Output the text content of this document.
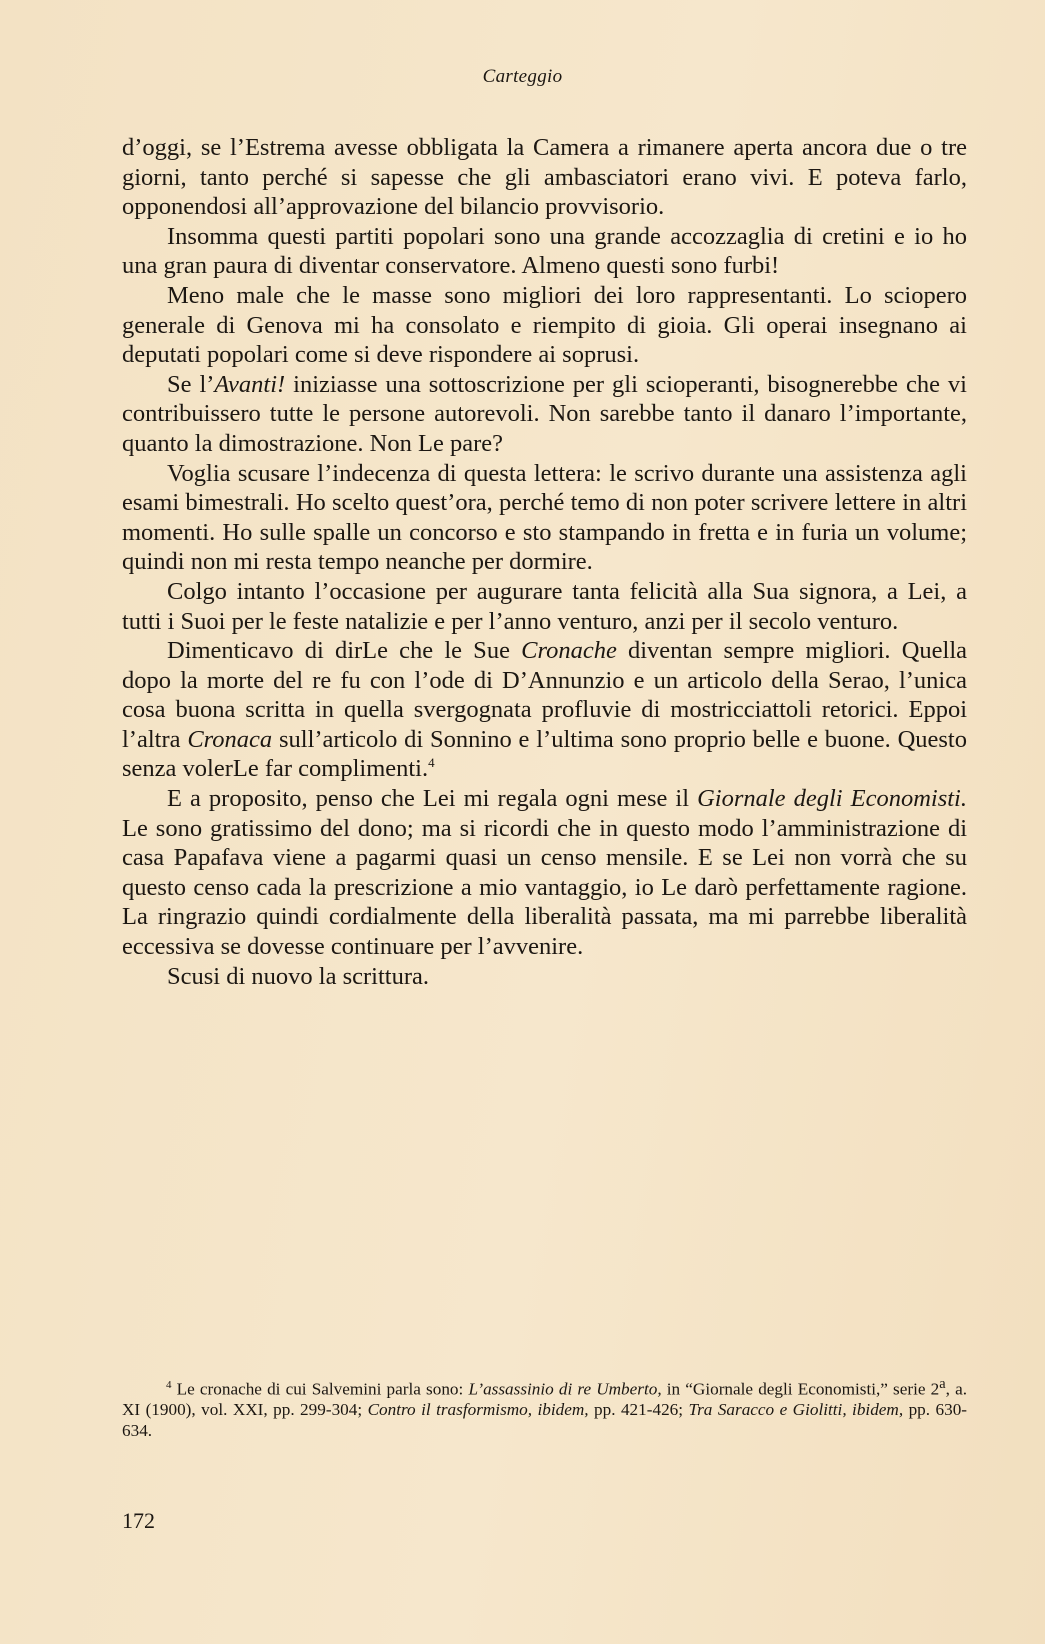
Carteggio

d’oggi, se l’Estrema avesse obbligata la Camera a rimanere aperta ancora due o tre giorni, tanto perché si sapesse che gli ambasciatori erano vivi. E poteva farlo, opponendosi all’approvazione del bilancio provvisorio.

Insomma questi partiti popolari sono una grande accozzaglia di cretini e io ho una gran paura di diventar conservatore. Almeno questi sono furbi!

Meno male che le masse sono migliori dei loro rappresentanti. Lo sciopero generale di Genova mi ha consolato e riempito di gioia. Gli operai insegnano ai deputati popolari come si deve rispondere ai soprusi.

Se l’Avanti! iniziasse una sottoscrizione per gli scioperanti, bisognerebbe che vi contribuissero tutte le persone autorevoli. Non sarebbe tanto il danaro l’importante, quanto la dimostrazione. Non Le pare?

Voglia scusare l’indecenza di questa lettera: le scrivo durante una assistenza agli esami bimestrali. Ho scelto quest’ora, perché temo di non poter scrivere lettere in altri momenti. Ho sulle spalle un concorso e sto stampando in fretta e in furia un volume; quindi non mi resta tempo neanche per dormire.

Colgo intanto l’occasione per augurare tanta felicità alla Sua signora, a Lei, a tutti i Suoi per le feste natalizie e per l’anno venturo, anzi per il secolo venturo.

Dimenticavo di dirLe che le Sue Cronache diventan sempre migliori. Quella dopo la morte del re fu con l’ode di D’Annunzio e un articolo della Serao, l’unica cosa buona scritta in quella svergognata profluvie di mostricciattoli retorici. Eppoi l’altra Cronaca sull’articolo di Sonnino e l’ultima sono proprio belle e buone. Questo senza volerLe far complimenti.$^4$

E a proposito, penso che Lei mi regala ogni mese il Giornale degli Economisti. Le sono gratissimo del dono; ma si ricordi che in questo modo l’amministrazione di casa Papafava viene a pagarmi quasi un censo mensile. E se Lei non vorrà che su questo censo cada la prescrizione a mio vantaggio, io Le darò perfettamente ragione. La ringrazio quindi cordialmente della liberalità passata, ma mi parrebbe liberalità eccessiva se dovesse continuare per l’avvenire.

Scusi di nuovo la scrittura.

$^4$ Le cronache di cui Salvemini parla sono: L’assassinio di re Umberto, in “Giornale degli Economisti,” serie 2$^a$, a. XI (1900), vol. XXI, pp. 299-304; Contro il trasformismo, ibidem, pp. 421-426; Tra Saracco e Giolitti, ibidem, pp. 630-634.

172
